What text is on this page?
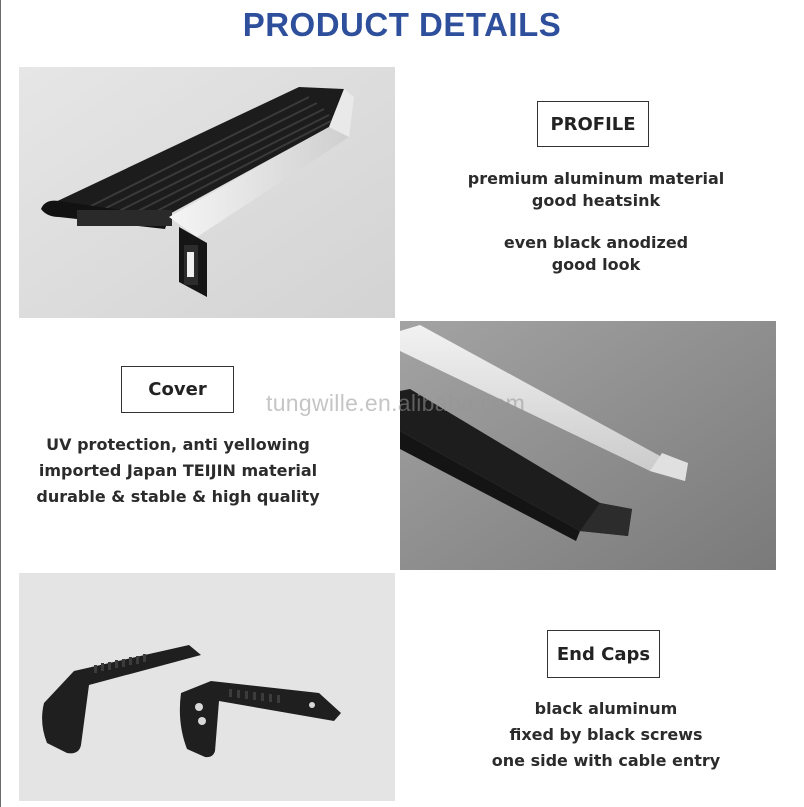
PRODUCT DETAILS
PROFILE
premium aluminum material
good heatsink
even black anodized
good look
Cover
UV protection, anti yellowing
imported Japan TEIJIN material
durable & stable & high quality
tungwille.en.alibaba.com
End Caps
black aluminum
fixed by black screws
one side with cable entry
